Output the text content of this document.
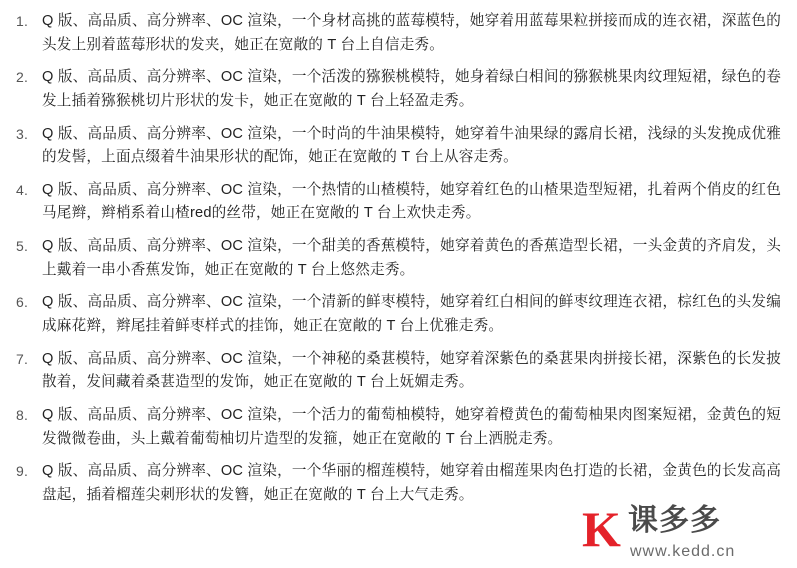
1. Q 版、高品质、高分辨率、OC 渲染，一个身材高挑的蓝莓模特，她穿着用蓝莓果粒拼接而成的连衣裙，深蓝色的头发上别着蓝莓形状的发夹，她正在宽敞的 T 台上自信走秀。
2. Q 版、高品质、高分辨率、OC 渲染，一个活泼的猕猴桃模特，她身着绿白相间的猕猴桃果肉纹理短裙，绿色的卷发上插着猕猴桃切片形状的发卡，她正在宽敞的 T 台上轻盈走秀。
3. Q 版、高品质、高分辨率、OC 渲染，一个时尚的牛油果模特，她穿着牛油果绿的露肩长裙，浅绿的头发挽成优雅的发髻，上面点缀着牛油果形状的配饰，她正在宽敞的 T 台上从容走秀。
4. Q 版、高品质、高分辨率、OC 渲染，一个热情的山楂模特，她穿着红色的山楂果造型短裙，扎着两个俏皮的红色马尾辫，辫梢系着山楂red的丝带，她正在宽敞的 T 台上欢快走秀。
5. Q 版、高品质、高分辨率、OC 渲染，一个甜美的香蕉模特，她穿着黄色的香蕉造型长裙，一头金黄的齐肩发，头上戴着一串小香蕉发饰，她正在宽敞的 T 台上悠然走秀。
6. Q 版、高品质、高分辨率、OC 渲染，一个清新的鲜枣模特，她穿着红白相间的鲜枣纹理连衣裙，棕红色的头发编成麻花辫，辫尾挂着鲜枣样式的挂饰，她正在宽敞的 T 台上优雅走秀。
7. Q 版、高品质、高分辨率、OC 渲染，一个神秘的桑葚模特，她穿着深紫色的桑葚果肉拼接长裙，深紫色的长发披散着，发间藏着桑葚造型的发饰，她正在宽敞的 T 台上妩媚走秀。
8. Q 版、高品质、高分辨率、OC 渲染，一个活力的葡萄柚模特，她穿着橙黄色的葡萄柚果肉图案短裙，金黄色的短发微微卷曲，头上戴着葡萄柚切片造型的发箍，她正在宽敞的 T 台上洒脱走秀。
9. Q 版、高品质、高分辨率、OC 渲染，一个华丽的榴莲模特，她穿着由榴莲果肉色打造的长裙，金黄色的长发高高盘起，插着榴莲尖刺形状的发簪，她正在宽敞的 T 台上大气走秀。
K 课多多
www.kedd.cn
